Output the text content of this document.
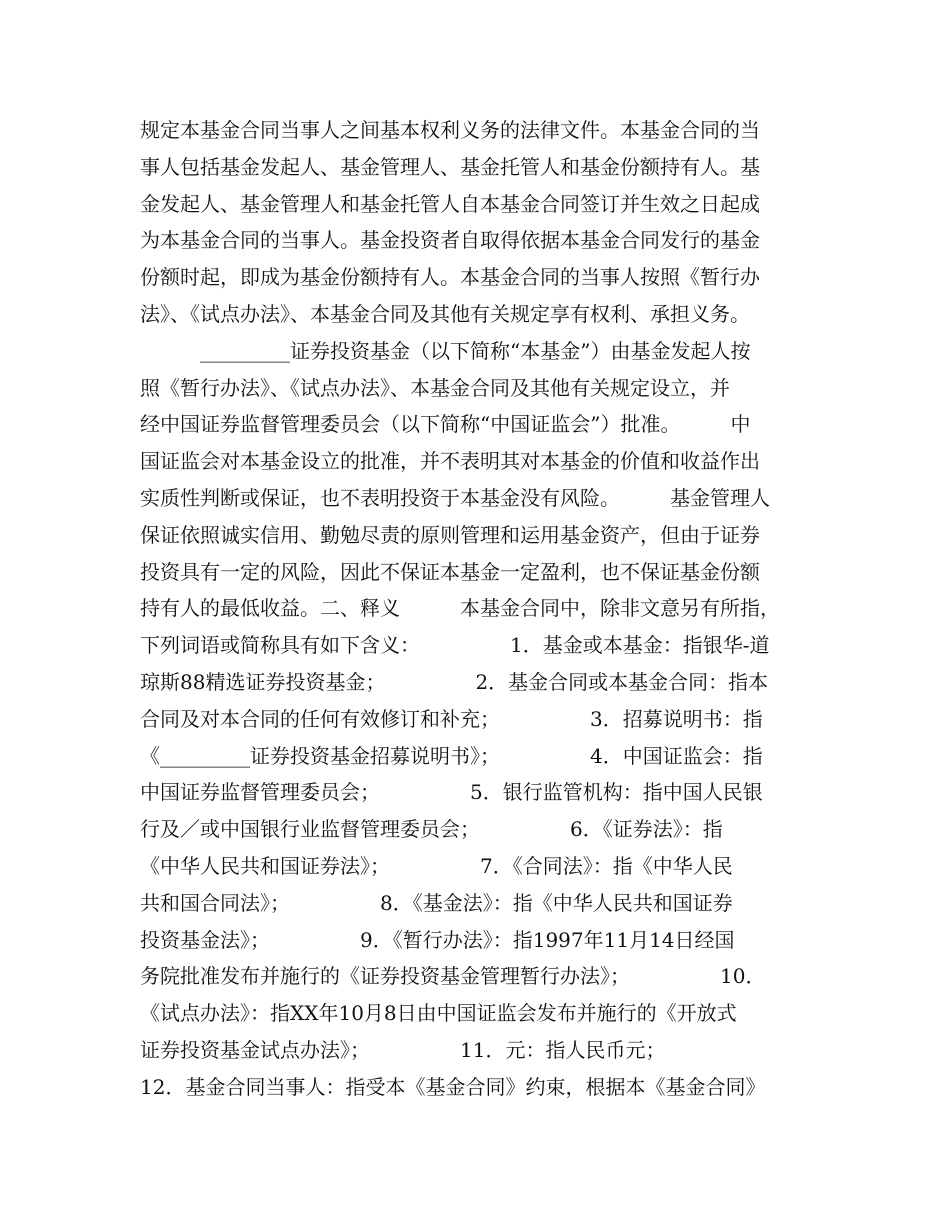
规定本基金合同当事人之间基本权利义务的法律文件。本基金合同的当
事人包括基金发起人、基金管理人、基金托管人和基金份额持有人。基
金发起人、基金管理人和基金托管人自本基金合同签订并生效之日起成
为本基金合同的当事人。基金投资者自取得依据本基金合同发行的基金
份额时起，即成为基金份额持有人。本基金合同的当事人按照《暂行办
法》、《试点办法》、本基金合同及其他有关规定享有权利、承担义务。
　　　_________证券投资基金（以下简称“本基金”）由基金发起人按
照《暂行办法》、《试点办法》、本基金合同及其他有关规定设立，并
经中国证券监督管理委员会（以下简称“中国证监会”）批准。　　　中
国证监会对本基金设立的批准，并不表明其对本基金的价值和收益作出
实质性判断或保证，也不表明投资于本基金没有风险。　　　基金管理人
保证依照诚实信用、勤勉尽责的原则管理和运用基金资产，但由于证券
投资具有一定的风险，因此不保证本基金一定盈利，也不保证基金份额
持有人的最低收益。二、释义　　　本基金合同中，除非文意另有所指，
下列词语或简称具有如下含义：　　　　　1．基金或本基金：指银华-道
琼斯88精选证券投资基金；　　　　　2．基金合同或本基金合同：指本
合同及对本合同的任何有效修订和补充；　　　　　3．招募说明书：指
《_________证券投资基金招募说明书》；　　　　　4．中国证监会：指
中国证券监督管理委员会；　　　　　5．银行监管机构：指中国人民银
行及／或中国银行业监督管理委员会；　　　　　6．《证券法》：指
《中华人民共和国证券法》；　　　　　7．《合同法》：指《中华人民
共和国合同法》；　　　　　8．《基金法》：指《中华人民共和国证券
投资基金法》；　　　　　9．《暂行办法》：指1997年11月14日经国
务院批准发布并施行的《证券投资基金管理暂行办法》；　　　　　10．
《试点办法》：指XX年10月8日由中国证监会发布并施行的《开放式
证券投资基金试点办法》；　　　　　11．元：指人民币元；
12．基金合同当事人：指受本《基金合同》约束，根据本《基金合同》
